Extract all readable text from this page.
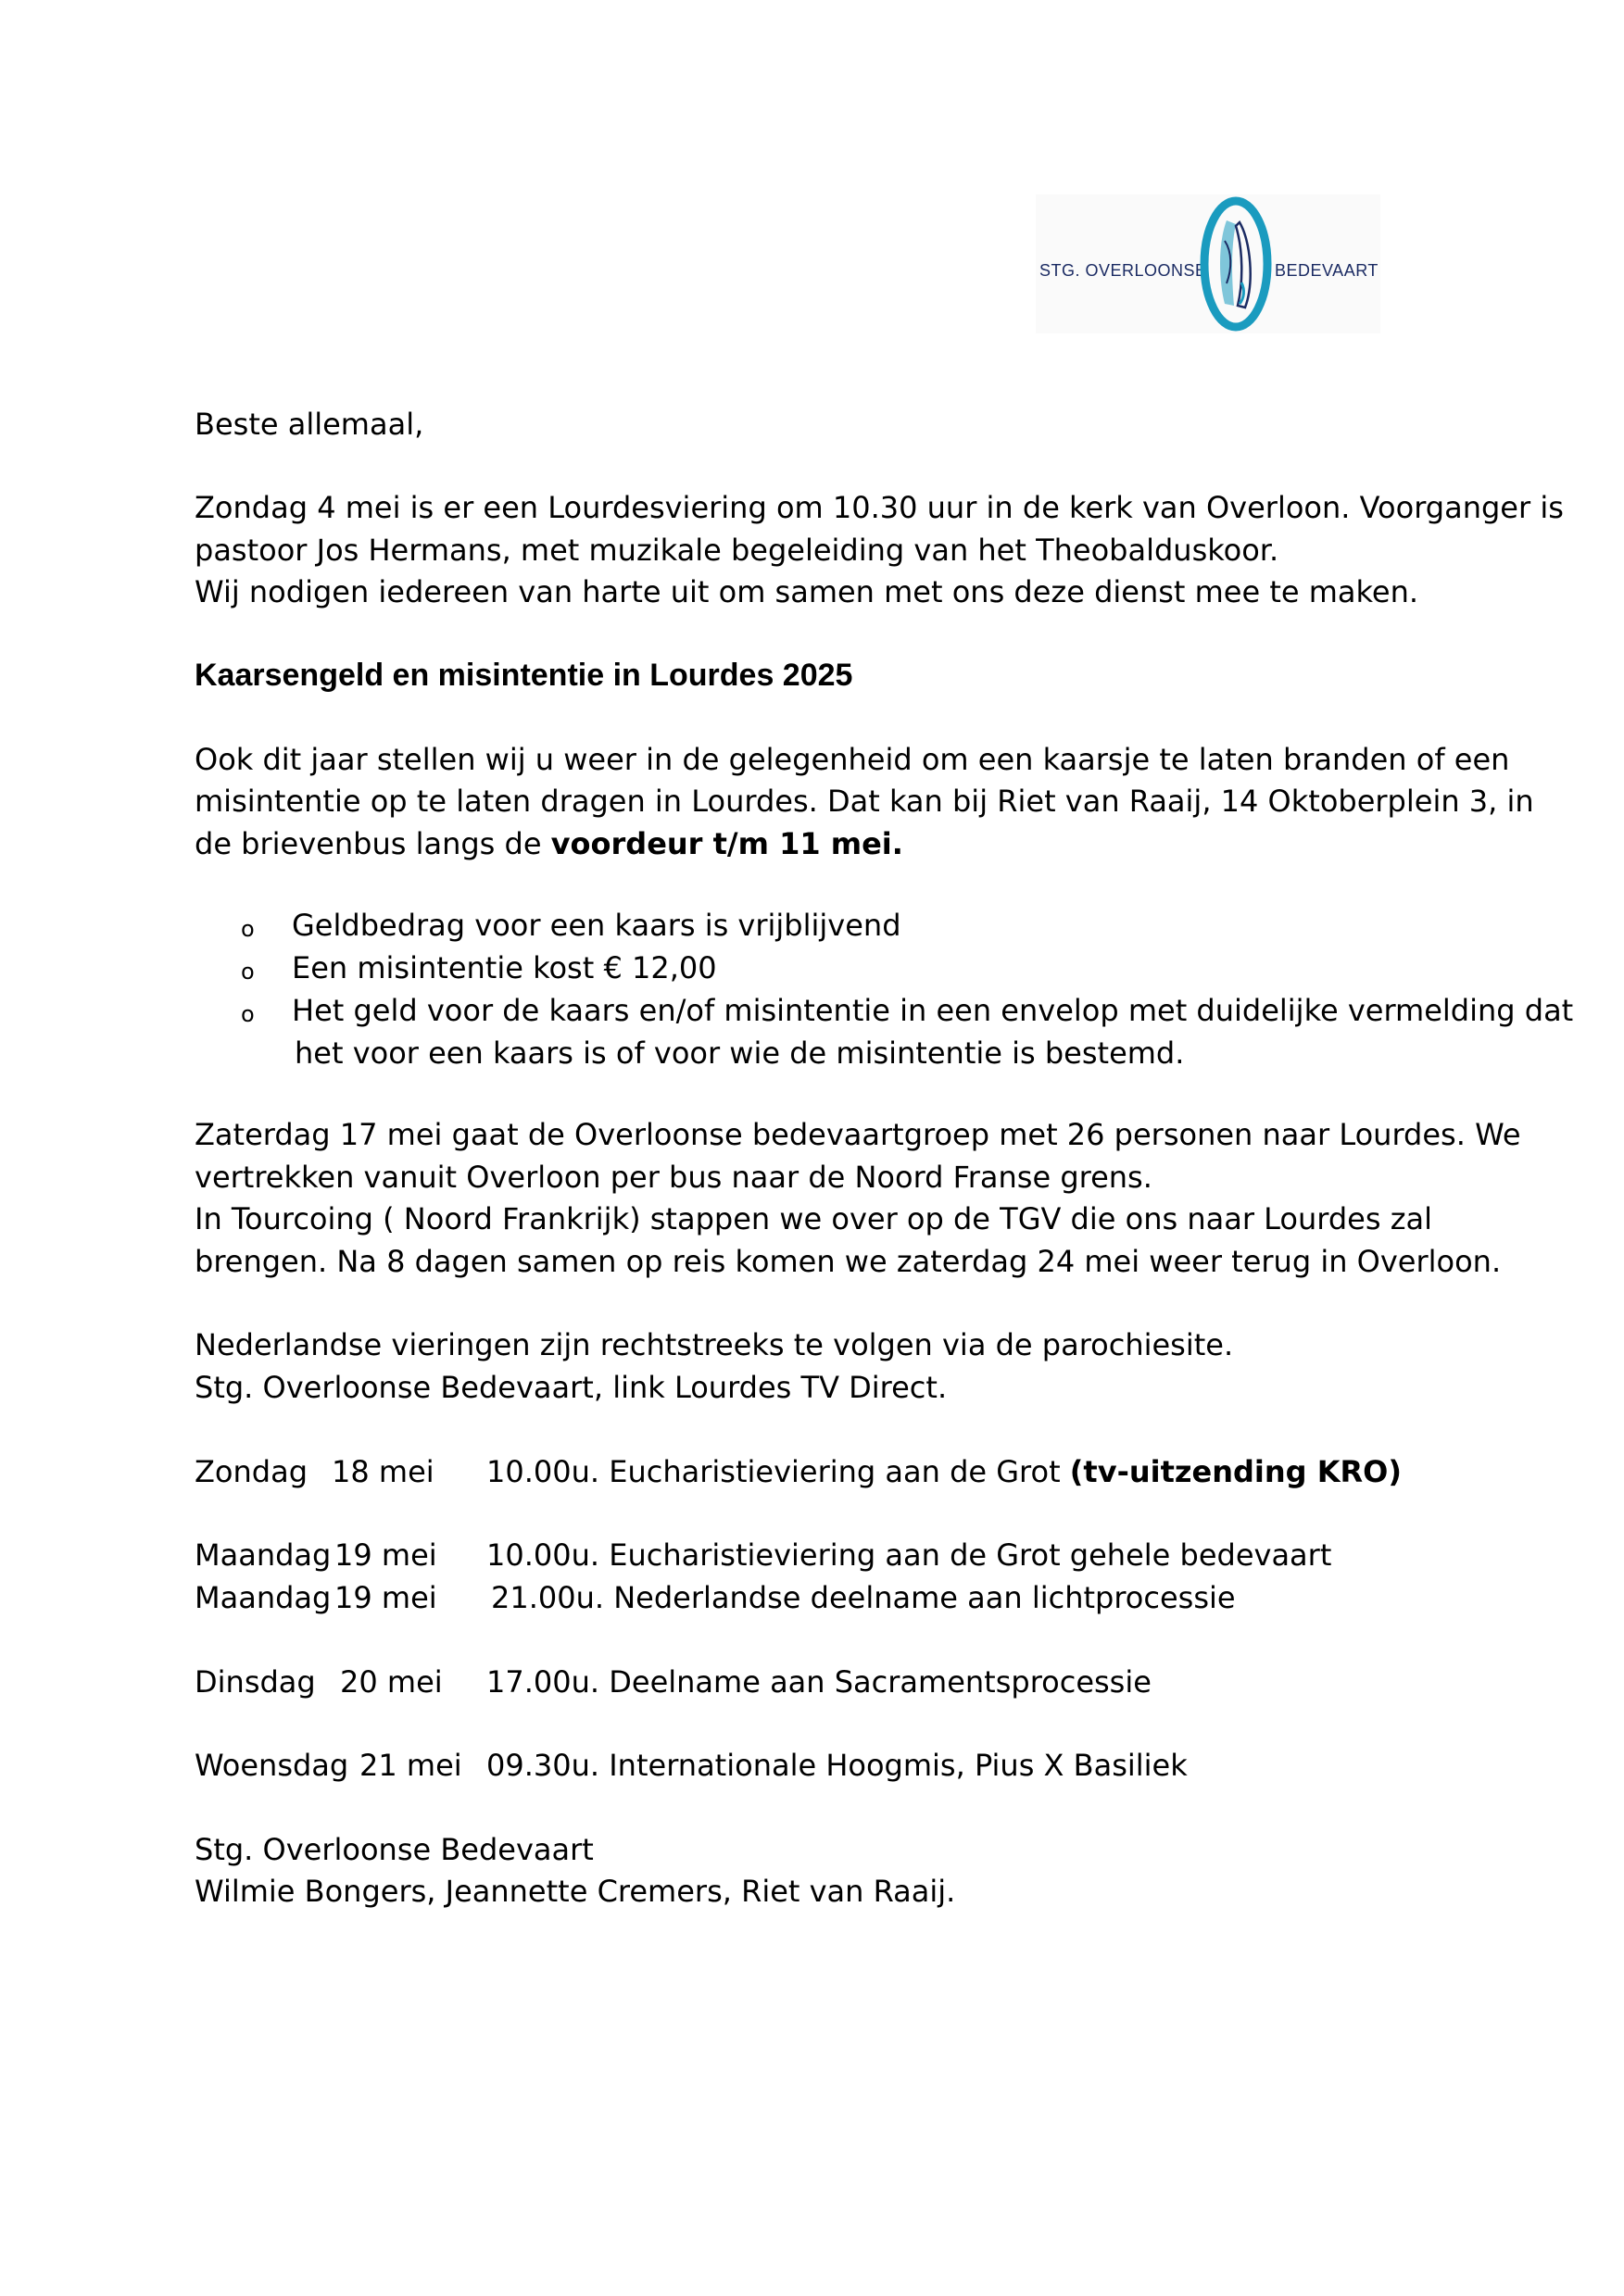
STG. OVERLOONSE	BEDEVAART

Beste allemaal,

Zondag 4 mei is er een Lourdesviering om 10.30 uur in de kerk van Overloon. Voorganger is

pastoor Jos Hermans, met muzikale begeleiding van het Theobalduskoor.

Wij nodigen iedereen van harte uit om samen met ons deze dienst mee te maken.

Kaarsengeld en misintentie in Lourdes 2025

Ook dit jaar stellen wij u weer in de gelegenheid om een kaarsje te laten branden of een

misintentie op te laten dragen in Lourdes. Dat kan bij Riet van Raaij, 14 Oktoberplein 3, in

de brievenbus langs de voordeur t/m 11 mei.

o Geldbedrag voor een kaars is vrijblijvend
o Een misintentie kost € 12,00
o Het geld voor de kaars en/of misintentie in een envelop met duidelijke vermelding dat
het voor een kaars is of voor wie de misintentie is bestemd.

Zaterdag 17 mei gaat de Overloonse bedevaartgroep met 26 personen naar Lourdes. We

vertrekken vanuit Overloon per bus naar de Noord Franse grens.

In Tourcoing ( Noord Frankrijk) stappen we over op de TGV die ons naar Lourdes zal

brengen. Na 8 dagen samen op reis komen we zaterdag 24 mei weer terug in Overloon.

Nederlandse vieringen zijn rechtstreeks te volgen via de parochiesite.

Stg. Overloonse Bedevaart, link Lourdes TV Direct.

Zondag 18 mei 10.00u. Eucharistieviering aan de Grot (tv-uitzending KRO)
Maandag 19 mei 10.00u. Eucharistieviering aan de Grot gehele bedevaart
Maandag 19 mei 21.00u. Nederlandse deelname aan lichtprocessie
Dinsdag 20 mei 17.00u. Deelname aan Sacramentsprocessie
Woensdag 21 mei 09.30u. Internationale Hoogmis, Pius X Basiliek

Stg. Overloonse Bedevaart

Wilmie Bongers, Jeannette Cremers, Riet van Raaij.
